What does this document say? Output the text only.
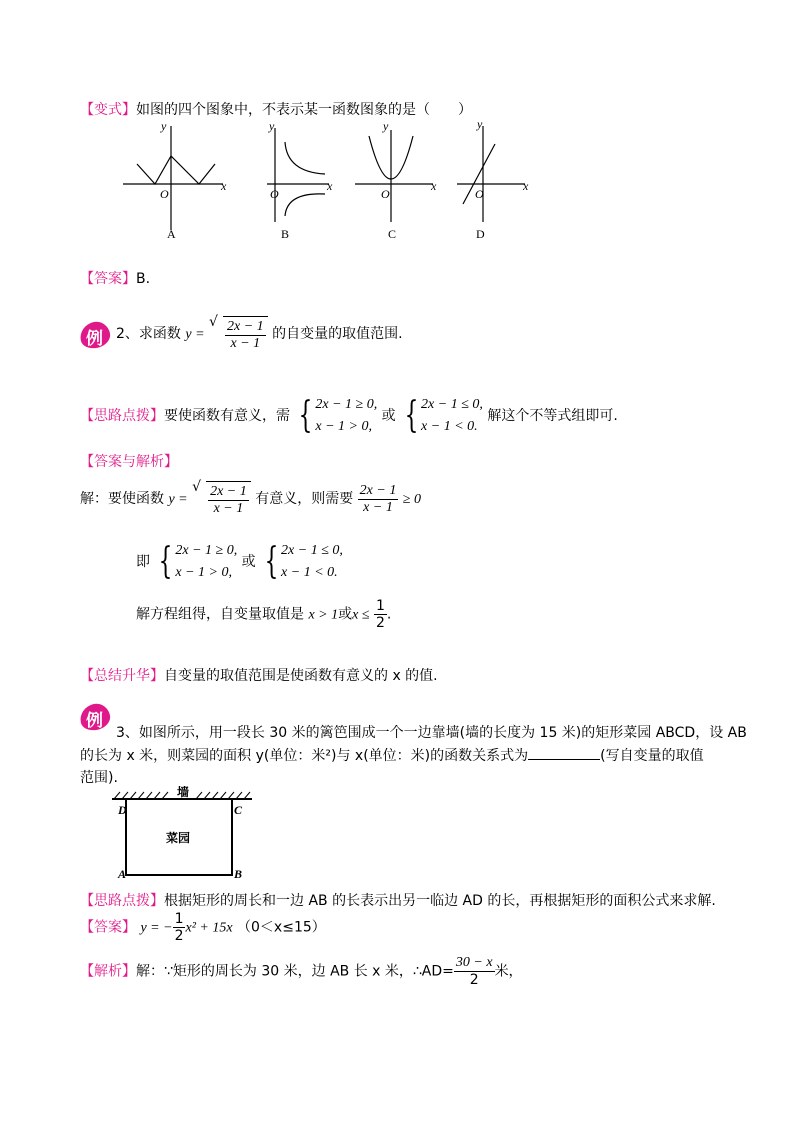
【变式】如图的四个图象中，不表示某一函数图象的是（　　）
y
x
O
y
x
O
y
x
O
y
x
O
A	B	C	D
【答案】B.
例 2、求函数 y =
√ $\frac{2x - 1}{x - 1}$ 的自变量的取值范围.
【思路点拨】要使函数有意义，需 { 2x − 1 ≥ 0,
x − 1 > 0,
或 { 2x − 1 ≤ 0,
x − 1 < 0.
解这个不等式组即可.
【答案与解析】
解：要使函数 y =
√ $\frac{2x - 1}{x - 1}$ 有意义，则需要 $\frac{2x - 1}{x - 1} \ge 0$
即 { 2x − 1 ≥ 0,
x − 1 > 0,
或 { 2x − 1 ≤ 0,
x − 1 < 0.
解方程组得，自变量取值是 x > 1或$x \le \frac{1}{2}$ .
【总结升华】自变量的取值范围是使函数有意义的 x 的值.
例
3、如图所示，用一段长 30 米的篱笆围成一个一边靠墙(墙的长度为 15 米)的矩形菜园 ABCD，设 AB
的长为 x 米，则菜园的面积 y(单位：米²)与 x(单位：米)的函数关系式为	(写自变量的取值
范围).
墙
菜园
D	C
A	B
【思路点拨】根据矩形的周长和一边 AB 的长表示出另一临边 AD 的长，再根据矩形的面积公式来求解.
【答案】 y = − $\frac{1}{2} x^2 + 15x$ （0＜x≤15）
【解析】解：∵矩形的周长为 30 米，边 AB 长 x 米，∴AD= $\frac{30 - x}{2}$ 米，
